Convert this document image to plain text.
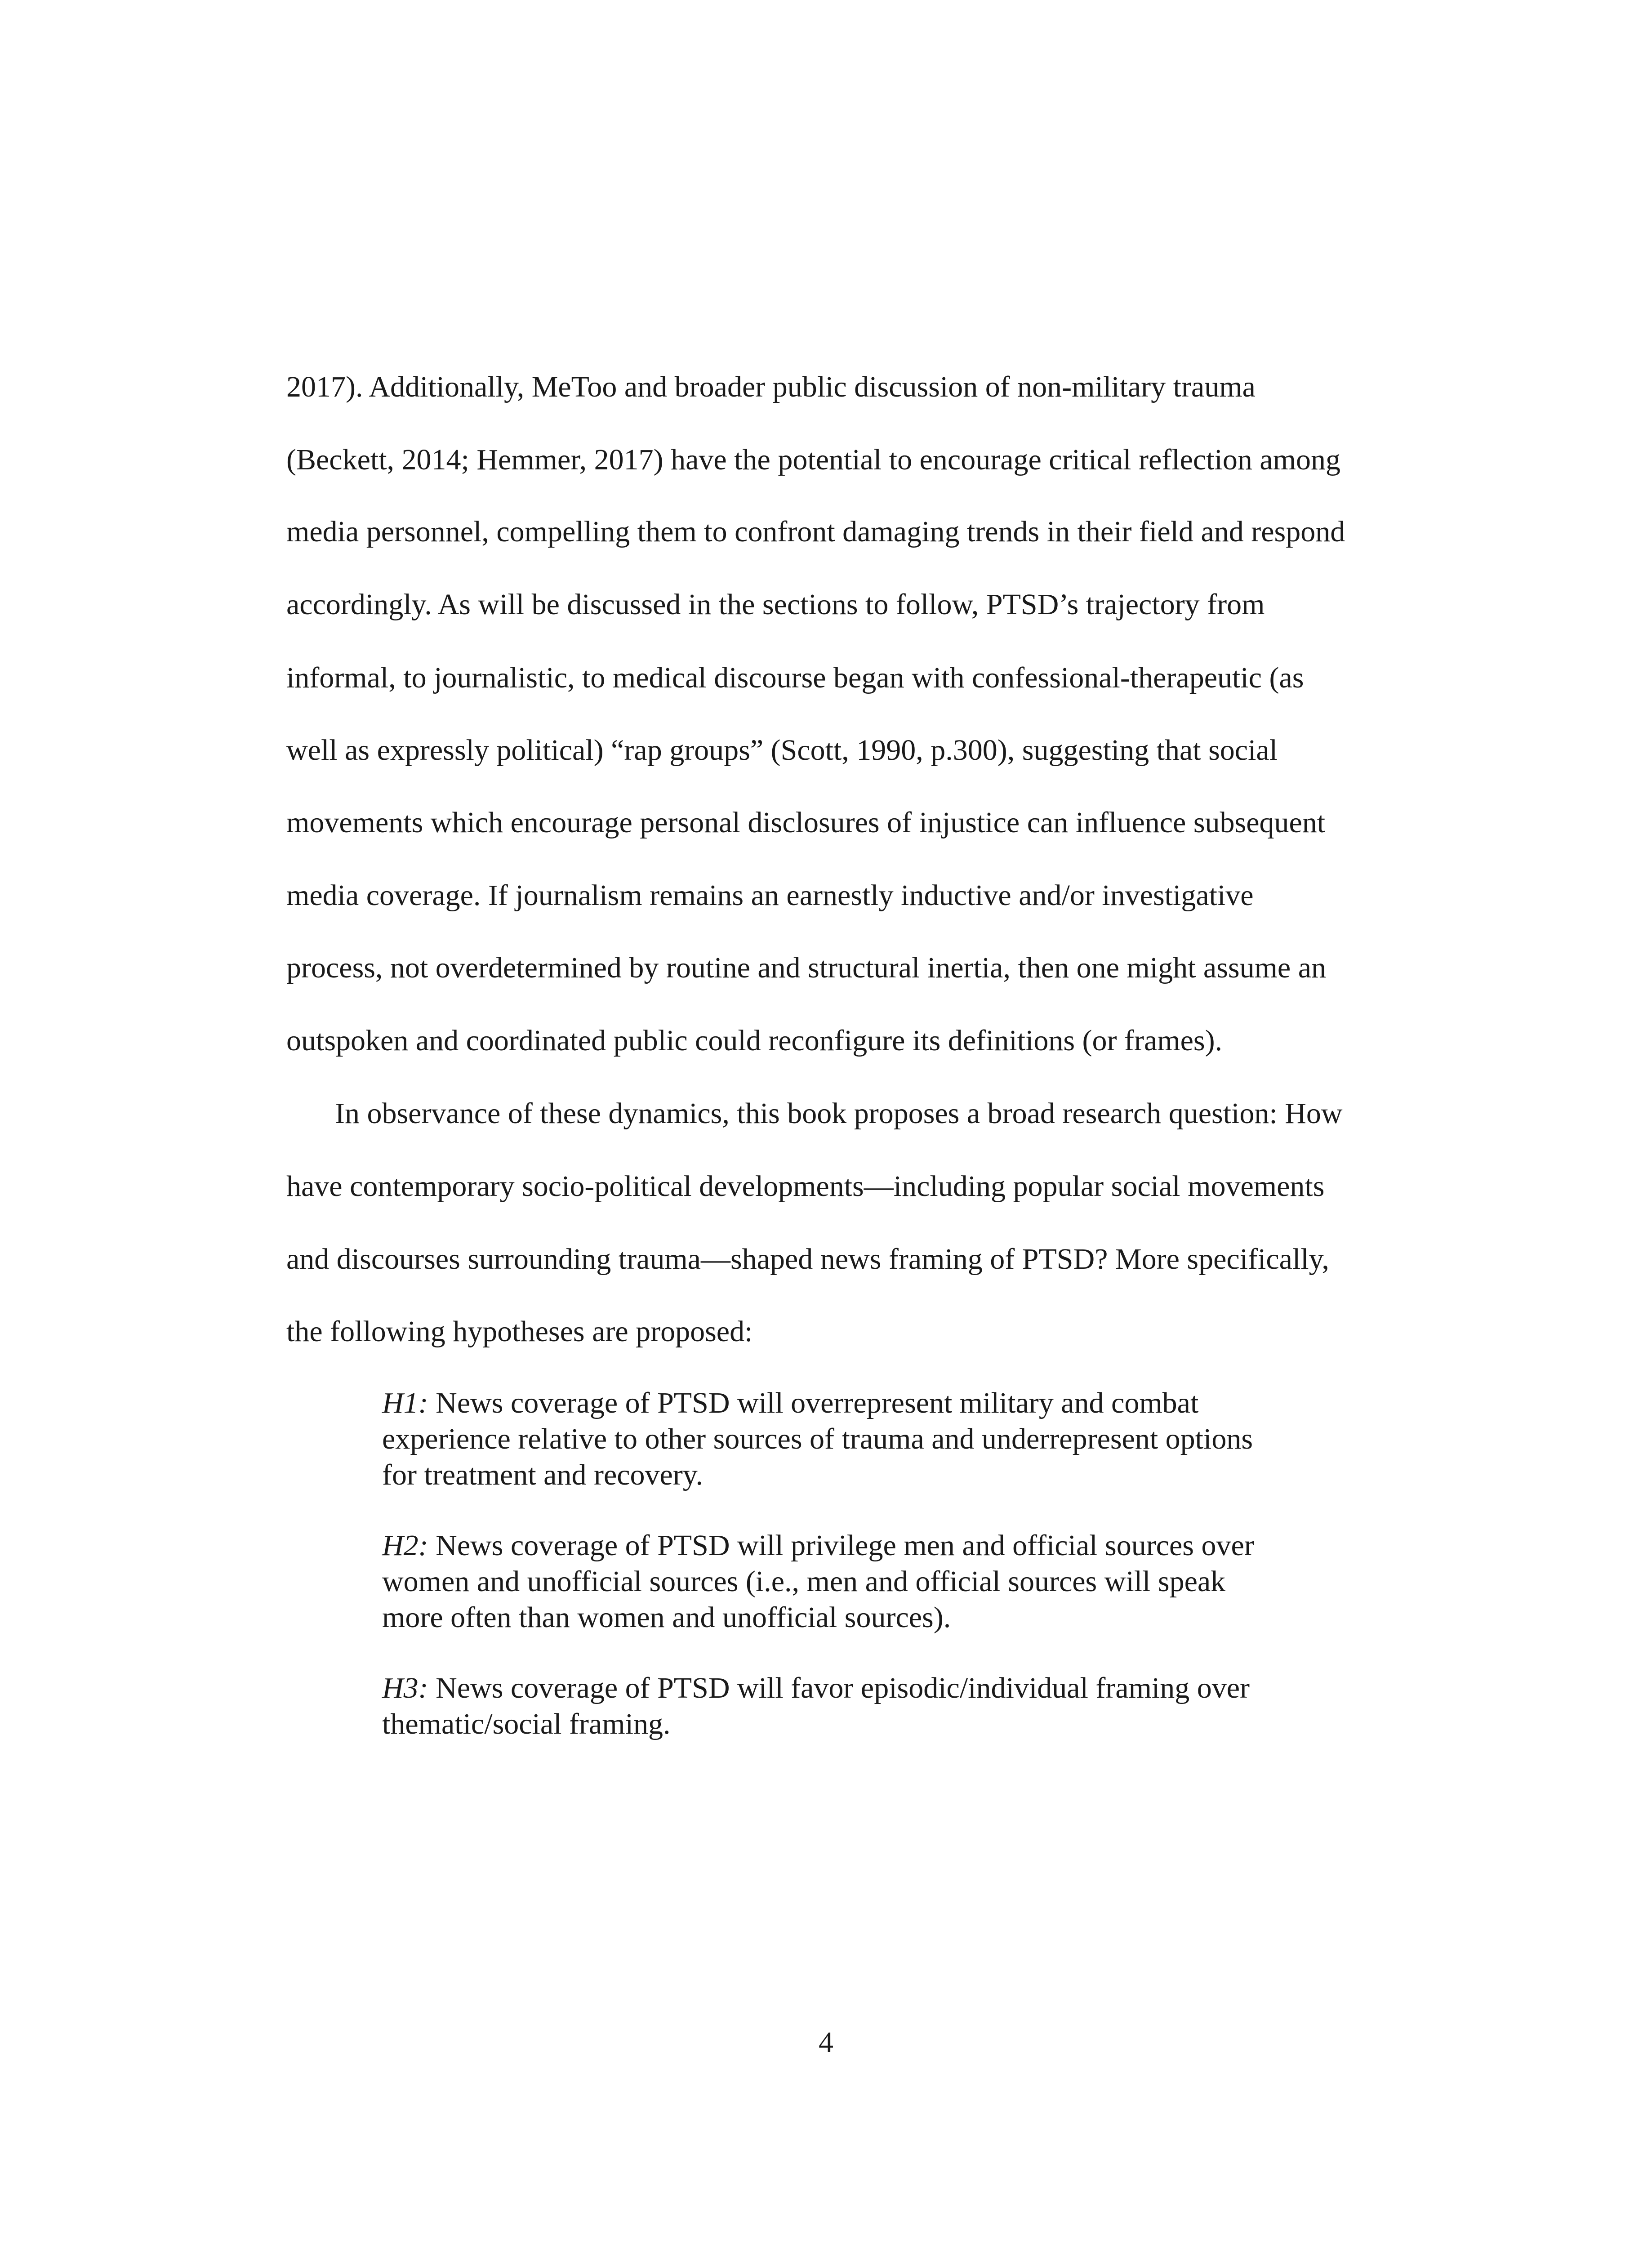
2017). Additionally, MeToo and broader public discussion of non-military trauma
(Beckett, 2014; Hemmer, 2017) have the potential to encourage critical reflection among
media personnel, compelling them to confront damaging trends in their field and respond
accordingly. As will be discussed in the sections to follow, PTSD’s trajectory from
informal, to journalistic, to medical discourse began with confessional-therapeutic (as
well as expressly political) “rap groups” (Scott, 1990, p.300), suggesting that social
movements which encourage personal disclosures of injustice can influence subsequent
media coverage. If journalism remains an earnestly inductive and/or investigative
process, not overdetermined by routine and structural inertia, then one might assume an
outspoken and coordinated public could reconfigure its definitions (or frames).
In observance of these dynamics, this book proposes a broad research question: How
have contemporary socio-political developments—including popular social movements
and discourses surrounding trauma—shaped news framing of PTSD? More specifically,
the following hypotheses are proposed:
H1: News coverage of PTSD will overrepresent military and combat
experience relative to other sources of trauma and underrepresent options
for treatment and recovery.
H2: News coverage of PTSD will privilege men and official sources over
women and unofficial sources (i.e., men and official sources will speak
more often than women and unofficial sources).
H3: News coverage of PTSD will favor episodic/individual framing over
thematic/social framing.
4
